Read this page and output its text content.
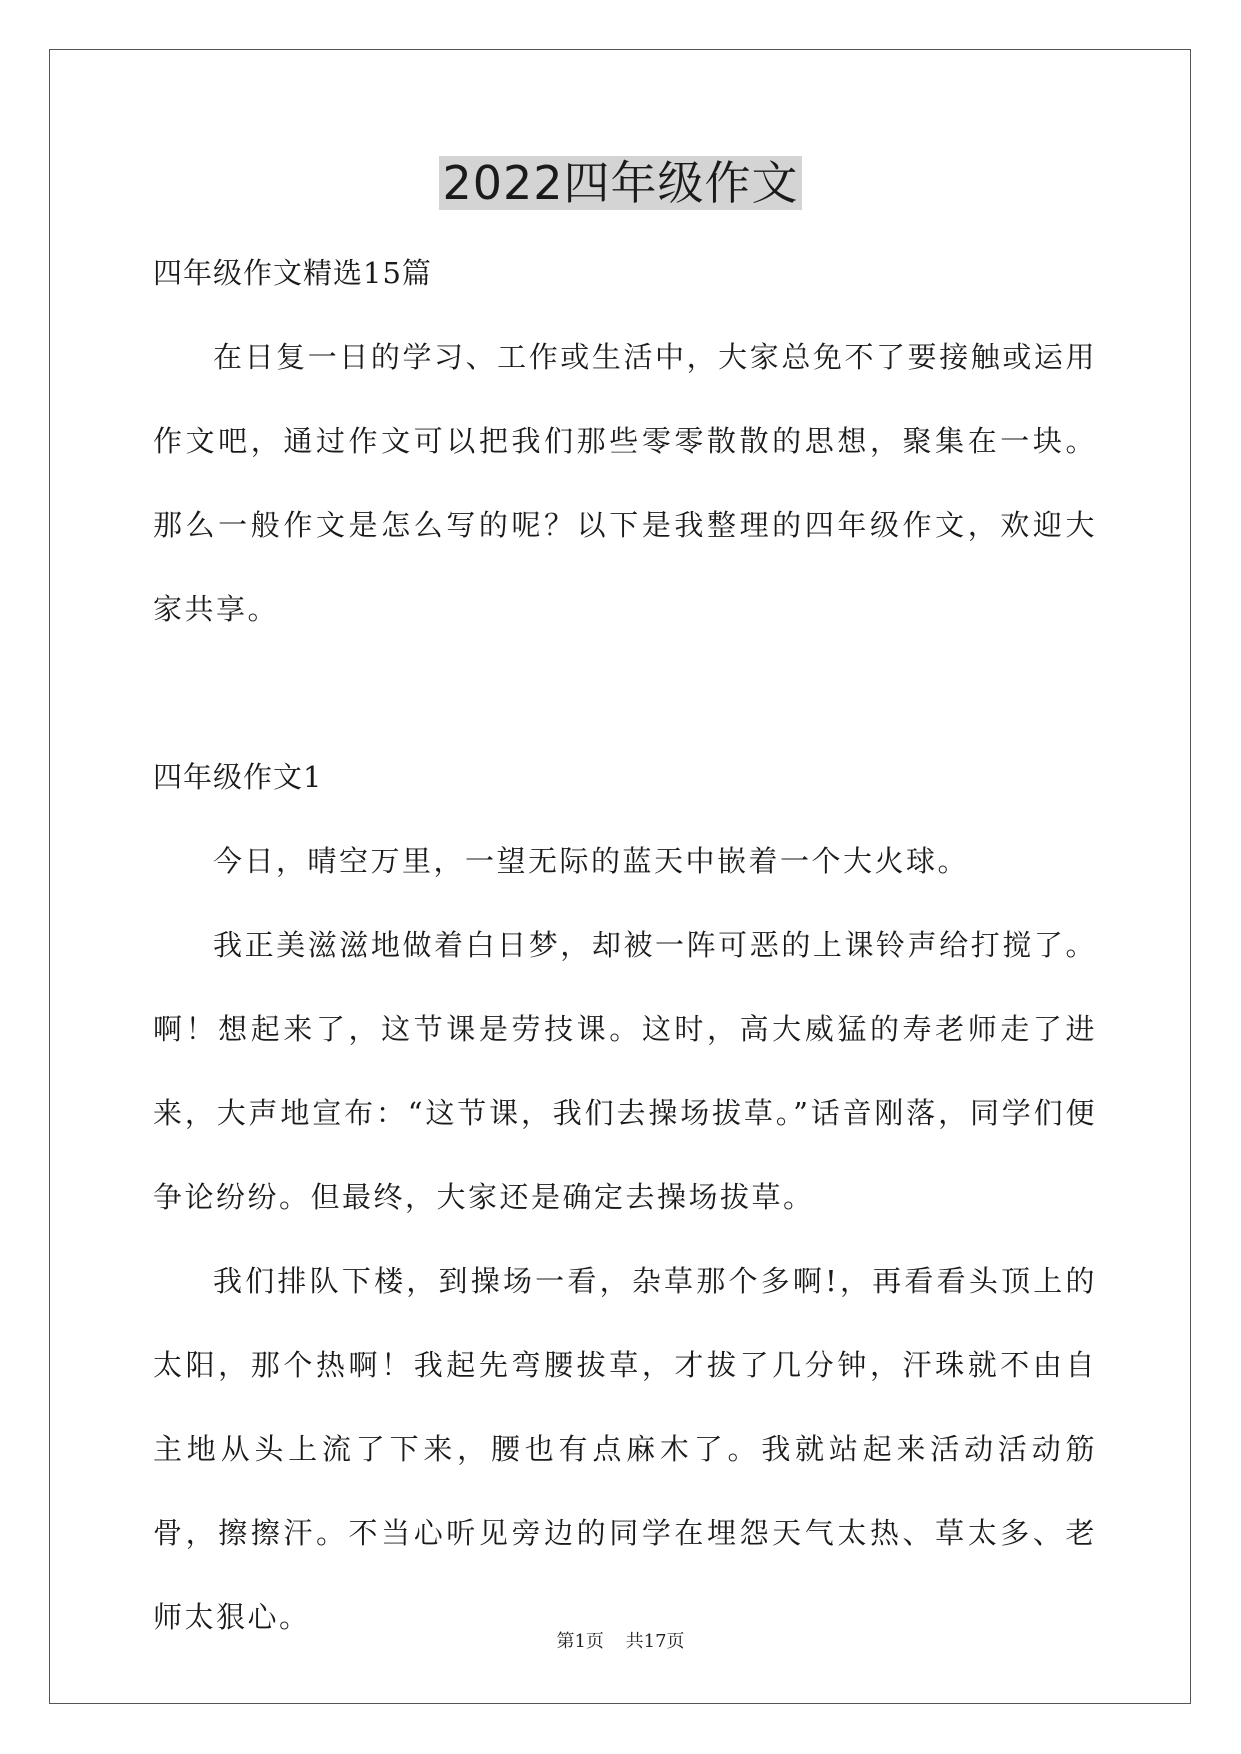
2022四年级作文

四年级作文精选15篇

在日复一日的学习、工作或生活中，大家总免不了要接触或运用作文吧，通过作文可以把我们那些零零散散的思想，聚集在一块。那么一般作文是怎么写的呢？以下是我整理的四年级作文，欢迎大家共享。

四年级作文1

今日，晴空万里，一望无际的蓝天中嵌着一个大火球。

我正美滋滋地做着白日梦，却被一阵可恶的上课铃声给打搅了。啊！想起来了，这节课是劳技课。这时，高大威猛的寿老师走了进来，大声地宣布：“这节课，我们去操场拔草。”话音刚落，同学们便争论纷纷。但最终，大家还是确定去操场拔草。

我们排队下楼，到操场一看，杂草那个多啊!，再看看头顶上的太阳，那个热啊！我起先弯腰拔草，才拔了几分钟，汗珠就不由自主地从头上流了下来，腰也有点麻木了。我就站起来活动活动筋骨，擦擦汗。不当心听见旁边的同学在埋怨天气太热、草太多、老师太狠心。

第1页 共17页
